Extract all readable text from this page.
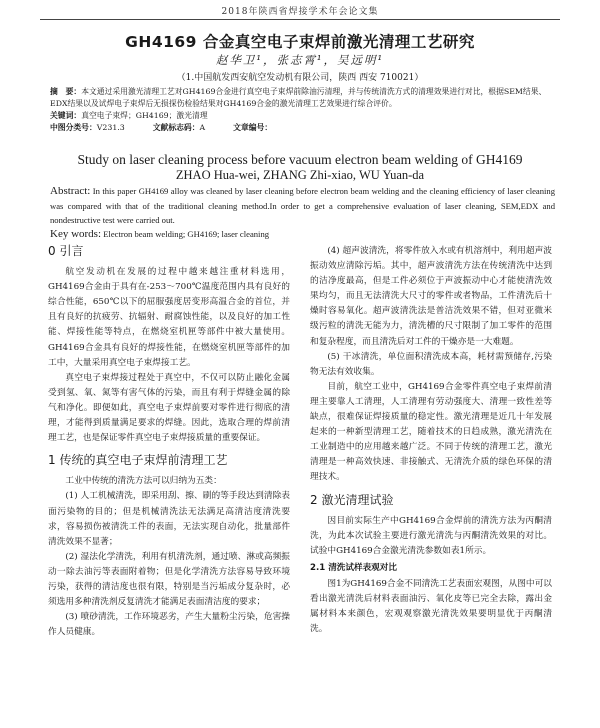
2018年陕西省焊接学术年会论文集
GH4169 合金真空电子束焊前激光清理工艺研究
赵华卫¹，张志霄¹，吴远明¹
（1.中国航发西安航空发动机有限公司，陕西 西安 710021）
摘　要：本文通过采用激光清理工艺对GH4169合金进行真空电子束焊前除油污清理，并与传统清洗方式的清理效果进行对比，根据SEM结果、EDX结果以及试焊电子束焊后无损探伤检验结果对GH4169合金的激光清理工艺效果进行综合评价。
关键词：真空电子束焊；GH4169；激光清理
中图分类号：V231.3	文献标志码：A	文章编号：
Study on laser cleaning process before vacuum electron beam welding of GH4169
ZHAO Hua-wei, ZHANG Zhi-xiao, WU Yuan-da
Abstract: In this paper GH4169 alloy was cleaned by laser cleaning before electron beam welding and the cleaning efficiency of laser cleaning was compared with that of the traditional cleaning method.In order to get a comprehensive evaluation of laser cleaning, SEM,EDX and nondestructive test were carried out.
Key words: Electron beam welding; GH4169; laser cleaning
0 引言

航空发动机在发展的过程中越来越注重材料选用，GH4169合金由于具有在-253～700℃温度范围内具有良好的综合性能，650℃以下的屈服强度居变形高温合金的首位，并且有良好的抗疲劳、抗辐射、耐腐蚀性能，以及良好的加工性能、焊接性能等特点，在燃烧室机匣等部件中被大量使用。GH4169合金具有良好的焊接性能，在燃烧室机匣等部件的加工中，大量采用真空电子束焊接工艺。

真空电子束焊接过程处于真空中，不仅可以防止融化金属受到氢、氧、氮等有害气体的污染，而且有利于焊缝金属的除气和净化。即便如此，真空电子束焊前要对零件进行彻底的清理，才能得到质量满足要求的焊缝。因此，选取合理的焊前清理工艺，也是保证零件真空电子束焊接质量的重要保证。

1 传统的真空电子束焊前清理工艺

工业中传统的清洗方法可以归纳为五类：

(1) 人工机械清洗，即采用刮、擦、刷的等手段达到清除表面污染物的目的；但是机械清洗法无法满足高清洁度清洗要求，容易损伤被清洗工件的表面，无法实现自动化，批量部件清洗效果不显著；

(2) 湿法化学清洗，利用有机清洗剂，通过喷、淋或高频振动一除去油污等表面附着物；但是化学清洗方法容易导致环境污染，获得的清洁度也很有限，特别是当污垢成分复杂时，必须选用多种清洗剂反复清洗才能满足表面清洁度的要求；

(3) 喷砂清洗，工作环境恶劣，产生大量粉尘污染，危害操作人员健康。

(4) 超声波清洗，将零件放入水或有机溶剂中，利用超声波振动效应清除污垢。其中，超声波清洗方法在传统清洗中达到的洁净度最高，但是工件必须位于声波振动中心才能使清洗效果均匀，而且无法清洗大尺寸的零件或者物品，工件清洗后十燥时容易氧化。超声波清洗法是普洁洗效果不错，但对亚微米级污粒的清洗无能为力，清洗槽的尺寸限制了加工零件的范围和复杂程度，而且清洗后对工件的干燥亦是一大难题。

(5) 干冰清洗，单位面积清洗成本高，耗材需预储存,污染物无法有效收集。

目前，航空工业中，GH4169合金零件真空电子束焊前清理主要靠人工清理，人工清理有劳动强度大、清理一致性差等缺点，很难保证焊接质量的稳定性。激光清理是近几十年发展起来的一种新型清理工艺，随着技术的日趋成熟，激光清洗在工业制造中的应用越来越广泛。不同于传统的清理工艺，激光清理是一种高效快速、非接触式、无清洗介质的绿色环保的清理技术。

2 激光清理试验

因目前实际生产中GH4169合金焊前的清洗方法为丙酮清洗，为此本次试验主要进行激光清洗与丙酮清洗效果的对比。试验中GH4169合金激光清洗参数如表1所示。

2.1 清洗试样表观对比

图1为GH4169合金不同清洗工艺表面宏观图，从图中可以看出激光清洗后材料表面油污、氧化皮等已完全去除，露出金属材料本来颜色，宏观观察激光清洗效果要明显优于丙酮清洗。
